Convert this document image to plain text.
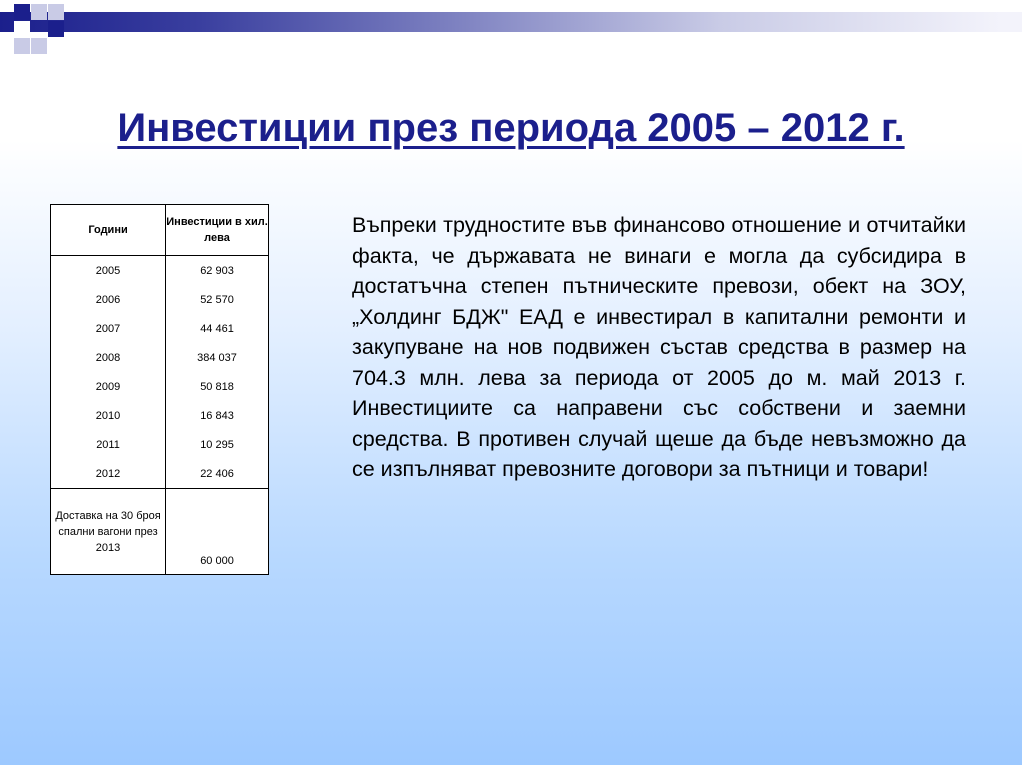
Инвестиции през периода 2005 – 2012 г.
Години	Инвестиции в хил. лева
2005	62 903
2006	52 570
2007	44 461
2008	384 037
2009	50 818
2010	16 843
2011	10 295
2012	22 406
Доставка на 30 броя спални вагони през 2013	60 000
Въпреки трудностите във финансово отношение и отчитайки факта, че държавата не винаги е могла да субсидира в достатъчна степен пътническите превози, обект на ЗОУ, „Холдинг БДЖ" ЕАД е инвестирал в капитални ремонти и закупуване на нов подвижен състав средства в размер на 704.3 млн. лева за периода от 2005 до м. май 2013 г. Инвестициите са направени със собствени и заемни средства. В противен случай щеше да бъде невъзможно да се изпълняват превозните договори за пътници и товари!
